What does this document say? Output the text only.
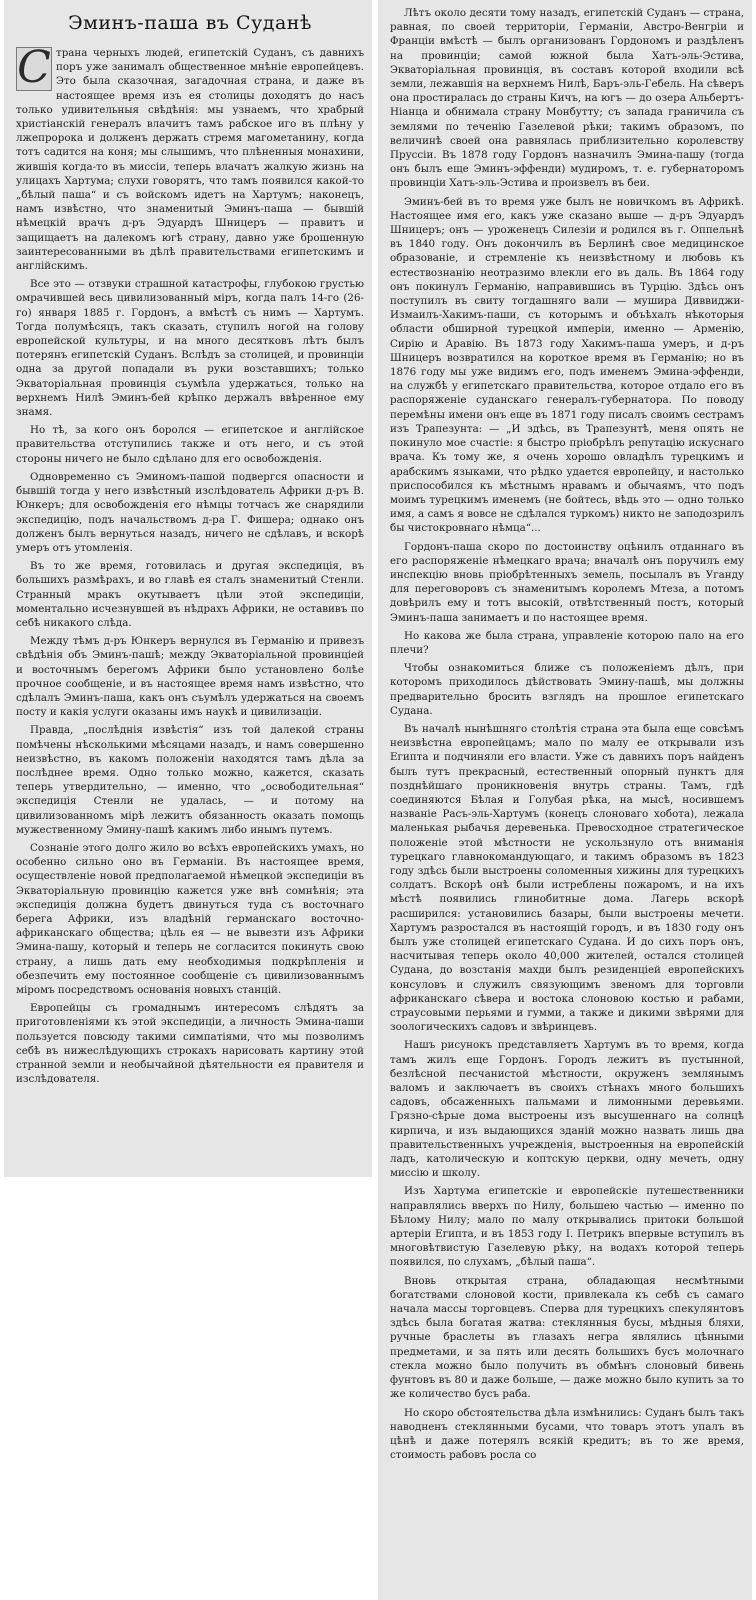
Эминъ-паша въ Суданѣ

С трана черныхъ людей, египетскій Суданъ, съ давнихъ поръ уже занималъ общественное мнѣніе европейцевъ. Это была сказочная, загадочная страна, и даже въ настоящее время изъ ея столицы доходятъ до насъ только удивительныя свѣдѣнія: мы узнаемъ, что храбрый христіанскій генералъ влачитъ тамъ рабское иго въ плѣну у лжепророка и долженъ держать стремя магометанину, когда тотъ садится на коня; мы слышимъ, что плѣненныя монахини, жившія когда-то въ миссіи, теперь влачатъ жалкую жизнь на улицахъ Хартума; слухи говорятъ, что тамъ появился какой-то „бѣлый паша“ и съ войскомъ идетъ на Хартумъ; наконецъ, намъ извѣстно, что знаменитый Эминъ-паша — бывшій нѣмецкій врачъ д-ръ Эдуардъ Шницеръ — правитъ и защищаетъ на далекомъ югѣ страну, давно уже брошенную заинтересованными въ дѣлѣ правительствами египетскимъ и англійскимъ.

Все это — отзвуки страшной катастрофы, глубокою грустью омрачившей весь цивилизованный міръ, когда палъ 14-го (26-го) января 1885 г. Гордонъ, а вмѣстѣ съ нимъ — Хартумъ. Тогда полумѣсяцъ, такъ сказать, ступилъ ногой на голову европейской культуры, и на много десятковъ лѣтъ былъ потерянъ египетскій Суданъ. Вслѣдъ за столицей, и провинціи одна за другой попадали въ руки возставшихъ; только Экваторіальная провинція съумѣла удержаться, только на верхнемъ Нилѣ Эминъ-бей крѣпко держалъ ввѣренное ему знамя.

Но тѣ, за кого онъ боролся — египетское и англійское правительства отступились также и отъ него, и съ этой стороны ничего не было сдѣлано для его освобожденія.

Одновременно съ Эминомъ-пашой подвергся опасности и бывшій тогда у него извѣстный изслѣдователь Африки д-ръ В. Юнкеръ; для освобожденія его нѣмцы тотчасъ же снарядили экспедицію, подъ начальствомъ д-ра Г. Фишера; однако онъ долженъ былъ вернуться назадъ, ничего не сдѣлавъ, и вскорѣ умеръ отъ утомленія.

Въ то же время, готовилась и другая экспедиція, въ большихъ размѣрахъ, и во главѣ ея сталъ знаменитый Стенли. Странный мракъ окутываетъ цѣли этой экспедиціи, моментально исчезнувшей въ нѣдрахъ Африки, не оставивъ по себѣ никакого слѣда.

Между тѣмъ д-ръ Юнкеръ вернулся въ Германію и привезъ свѣдѣнія объ Эминъ-пашѣ; между Экваторіальной провинціей и восточнымъ берегомъ Африки было установлено болѣе прочное сообщеніе, и въ настоящее время намъ извѣстно, что сдѣлалъ Эминъ-паша, какъ онъ съумѣлъ удержаться на своемъ посту и какія услуги оказаны имъ наукѣ и цивилизаціи.

Правда, „послѣднія извѣстія“ изъ той далекой страны помѣчены нѣсколькими мѣсяцами назадъ, и намъ совершенно неизвѣстно, въ какомъ положеніи находятся тамъ дѣла за послѣднее время. Одно только можно, кажется, сказать теперь утвердительно, — именно, что „освободительная“ экспедиція Стенли не удалась, — и потому на цивилизованномъ мірѣ лежитъ обязанность оказать помощь мужественному Эмину-пашѣ какимъ либо инымъ путемъ.

Сознаніе этого долго жило во всѣхъ европейскихъ умахъ, но особенно сильно оно въ Германіи. Въ настоящее время, осуществленіе новой предполагаемой нѣмецкой экспедиціи въ Экваторіальную провинцію кажется уже внѣ сомнѣнія; эта экспедиція должна будетъ двинуться туда съ восточнаго берега Африки, изъ владѣній германскаго восточно-африканскаго общества; цѣль ея — не вывезти изъ Африки Эмина-пашу, который и теперь не согласится покинуть свою страну, а лишь дать ему необходимыя подкрѣпленія и обезпечить ему постоянное сообщеніе съ цивилизованнымъ міромъ посредствомъ основанія новыхъ станцій.

Европейцы съ громаднымъ интересомъ слѣдятъ за приготовленіями къ этой экспедиціи, а личность Эмина-паши пользуется повсюду такими симпатіями, что мы позволимъ себѣ въ нижеслѣдующихъ строкахъ нарисовать картину этой странной земли и необычайной дѣятельности ея правителя и изслѣдователя.

Лѣтъ около десяти тому назадъ, египетскій Суданъ — страна, равная, по своей территоріи, Германіи, Австро-Венгріи и Франціи вмѣстѣ — былъ организованъ Гордономъ и раздѣленъ на провинціи; самой южной была Хатъ-эль-Эстива, Экваторіальная провинція, въ составъ которой входили всѣ земли, лежавшія на верхнемъ Нилѣ, Баръ-эль-Гебель. На сѣверъ она простиралась до страны Кичъ, на югъ — до озера Альбертъ-Ніанца и обнимала страну Монбутту; съ запада граничила съ землями по теченію Газелевой рѣки; такимъ образомъ, по величинѣ своей она равнялась приблизительно королевству Пруссіи. Въ 1878 году Гордонъ назначилъ Эмина-пашу (тогда онъ былъ еще Эминъ-эффенди) мудиромъ, т. е. губернаторомъ провинціи Хатъ-эль-Эстива и произвелъ въ беи.

Эминъ-бей въ то время уже былъ не новичкомъ въ Африкѣ. Настоящее имя его, какъ уже сказано выше — д-ръ Эдуардъ Шницеръ; онъ — уроженецъ Силезіи и родился въ г. Оппельнѣ въ 1840 году. Онъ докончилъ въ Берлинѣ свое медицинское образованіе, и стремленіе къ неизвѣстному и любовь къ естествознанію неотразимо влекли его въ даль. Въ 1864 году онъ покинулъ Германію, направившись въ Турцію. Здѣсь онъ поступилъ въ свиту тогдашняго вали — мушира Диввиджи-Измаилъ-Хакимъ-паши, съ которымъ и объѣхалъ нѣкоторыя области обширной турецкой имперіи, именно — Арменію, Сирію и Аравію. Въ 1873 году Хакимъ-паша умеръ, и д-ръ Шницеръ возвратился на короткое время въ Германію; но въ 1876 году мы уже видимъ его, подъ именемъ Эмина-эффенди, на службѣ у египетскаго правительства, которое отдало его въ распоряженіе суданскаго генералъ-губернатора. По поводу перемѣны имени онъ еще въ 1871 году писалъ своимъ сестрамъ изъ Трапезунта: — „И здѣсь, въ Трапезунтѣ, меня опять не покинуло мое счастіе: я быстро пріобрѣлъ репутацію искуснаго врача. Къ тому же, я очень хорошо овладѣлъ турецкимъ и арабскимъ языками, что рѣдко удается европейцу, и настолько приспособился къ мѣстнымъ нравамъ и обычаямъ, что подъ моимъ турецкимъ именемъ (не бойтесь, вѣдь это — одно только имя, а самъ я вовсе не сдѣлался туркомъ) никто не заподозрилъ бы чистокровнаго нѣмца“...

Гордонъ-паша скоро по достоинству оцѣнилъ отданнаго въ его распоряженіе нѣмецкаго врача; вначалѣ онъ поручилъ ему инспекцію вновь пріобрѣтенныхъ земель, посылалъ въ Уганду для переговоровъ съ знаменитымъ королемъ Мтеза, а потомъ довѣрилъ ему и тотъ высокій, отвѣтственный постъ, который Эминъ-паша занимаетъ и по настоящее время.

Но какова же была страна, управленіе которою пало на его плечи?

Чтобы ознакомиться ближе съ положеніемъ дѣлъ, при которомъ приходилось дѣйствовать Эмину-пашѣ, мы должны предварительно бросить взглядъ на прошлое египетскаго Судана.

Въ началѣ нынѣшняго столѣтія страна эта была еще совсѣмъ неизвѣстна европейцамъ; мало по малу ее открывали изъ Египта и подчиняли его власти. Уже съ давнихъ поръ найденъ былъ тутъ прекрасный, естественный опорный пунктъ для позднѣйшаго проникновенія внутрь страны. Тамъ, гдѣ соединяются Бѣлая и Голубая рѣка, на мысѣ, носившемъ названіе Расъ-эль-Хартумъ (конецъ слоноваго хобота), лежала маленькая рыбачья деревенька. Превосходное стратегическое положеніе этой мѣстности не ускользнуло отъ вниманія турецкаго главнокомандующаго, и такимъ образомъ въ 1823 году здѣсь были выстроены соломенныя хижины для турецкихъ солдатъ. Вскорѣ онѣ были истреблены пожаромъ, и на ихъ мѣстѣ появились глинобитные дома. Лагерь вскорѣ расширился: установились базары, были выстроены мечети. Хартумъ разростался въ настоящій городъ, и въ 1830 году онъ былъ уже столицей египетскаго Судана. И до сихъ поръ онъ, насчитывая теперь около 40,000 жителей, остался столицей Судана, до возстанія махди былъ резиденціей европейскихъ консуловъ и служилъ связующимъ звеномъ для торговли африканскаго сѣвера и востока слоновою костью и рабами, страусовыми перьями и гумми, а также и дикими звѣрями для зоологическихъ садовъ и звѣринцевъ.

Нашъ рисунокъ представляетъ Хартумъ въ то время, когда тамъ жилъ еще Гордонъ. Городъ лежитъ въ пустынной, безлѣсной песчанистой мѣстности, окруженъ землянымъ валомъ и заключаетъ въ своихъ стѣнахъ много большихъ садовъ, обсаженныхъ пальмами и лимонными деревьями. Грязно-сѣрые дома выстроены изъ высушеннаго на солнцѣ кирпича, и изъ выдающихся зданій можно назвать лишь два правительственныхъ учрежденія, выстроенныя на европейскій ладъ, католическую и коптскую церкви, одну мечеть, одну миссію и школу.

Изъ Хартума египетскіе и европейскіе путешественники направлялись вверхъ по Нилу, большею частью — именно по Бѣлому Нилу; мало по малу открывались притоки большой артеріи Египта, и въ 1853 году І. Петрикъ впервые вступилъ въ многовѣтвистую Газелевую рѣку, на водахъ которой теперь появился, по слухамъ, „бѣлый паша“.

Вновь открытая страна, обладающая несмѣтными богатствами слоновой кости, привлекала къ себѣ съ самаго начала массы торговцевъ. Сперва для турецкихъ спекулянтовъ здѣсь была богатая жатва: стеклянныя бусы, мѣдныя бляхи, ручные браслеты въ глазахъ негра являлись цѣнными предметами, и за пять или десять большихъ бусъ молочнаго стекла можно было получить въ обмѣнъ слоновый бивень фунтовъ въ 80 и даже больше, — даже можно было купить за то же количество бусъ раба.

Но скоро обстоятельства дѣла измѣнились: Суданъ былъ такъ наводненъ стеклянными бусами, что товаръ этотъ упалъ въ цѣнѣ и даже потерялъ всякій кредитъ; въ то же время, стоимость рабовъ росла со
